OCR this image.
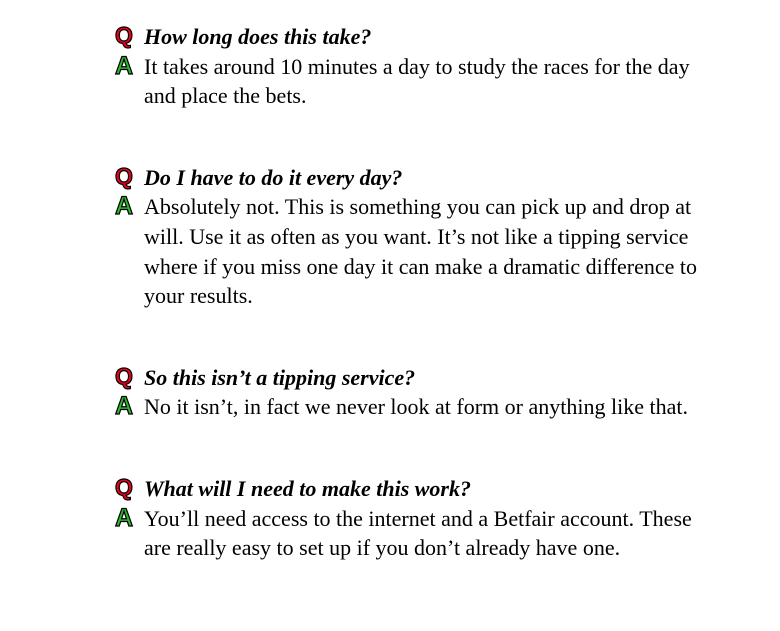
Q How long does this take?
A It takes around 10 minutes a day to study the races for the day and place the bets.
Q Do I have to do it every day?
A Absolutely not. This is something you can pick up and drop at will. Use it as often as you want. It’s not like a tipping service where if you miss one day it can make a dramatic difference to your results.
Q So this isn’t a tipping service?
A No it isn’t, in fact we never look at form or anything like that.
Q What will I need to make this work?
A You’ll need access to the internet and a Betfair account. These are really easy to set up if you don’t already have one.
